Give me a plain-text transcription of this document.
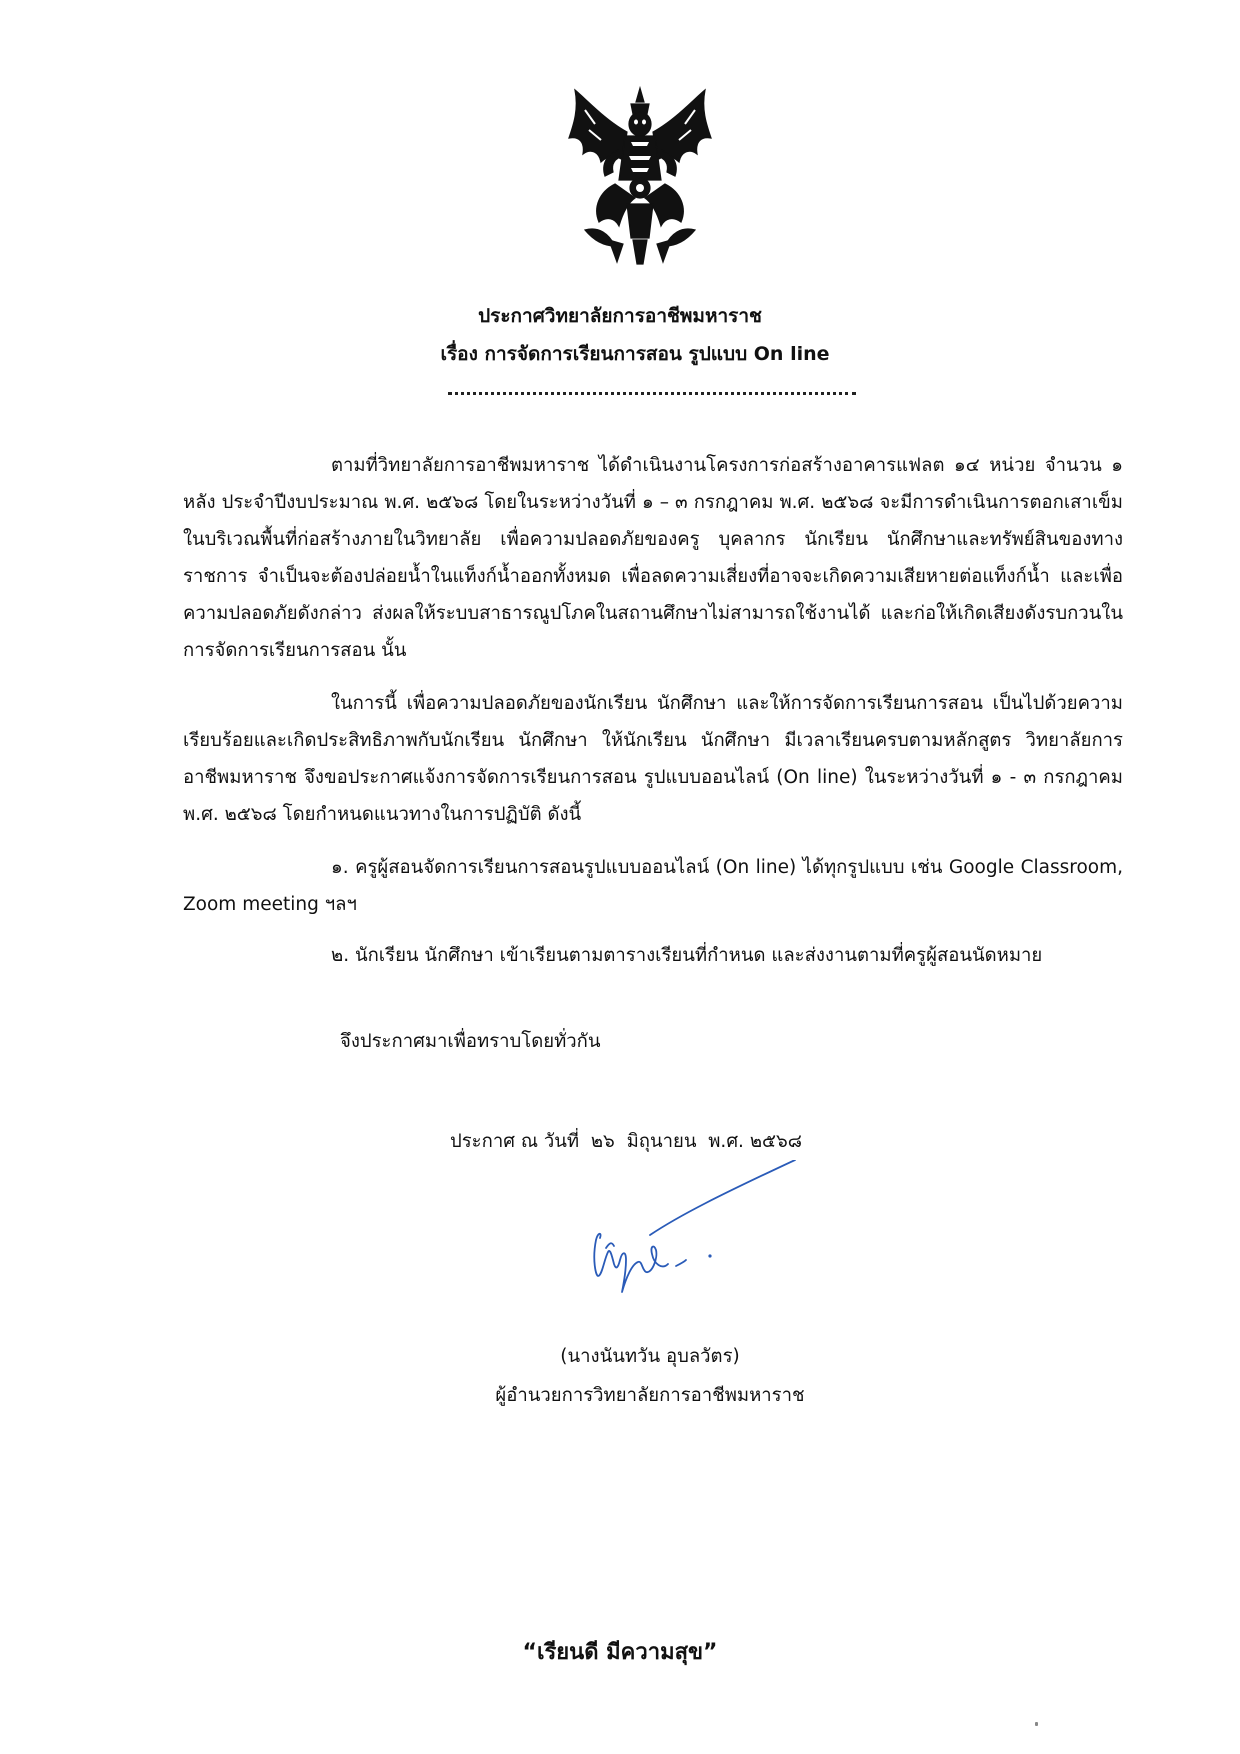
ประกาศวิทยาลัยการอาชีพมหาราช
เรื่อง การจัดการเรียนการสอน รูปแบบ On line

ตามที่วิทยาลัยการอาชีพมหาราช ได้ดำเนินงานโครงการก่อสร้างอาคารแฟลต ๑๔ หน่วย จำนวน ๑ หลัง ประจำปีงบประมาณ พ.ศ. ๒๕๖๘ โดยในระหว่างวันที่ ๑ – ๓ กรกฎาคม พ.ศ. ๒๕๖๘ จะมีการดำเนินการตอกเสาเข็มในบริเวณพื้นที่ก่อสร้างภายในวิทยาลัย เพื่อความปลอดภัยของครู บุคลากร นักเรียน นักศึกษาและทรัพย์สินของทางราชการ จำเป็นจะต้องปล่อยน้ำในแท็งก์น้ำออกทั้งหมด เพื่อลดความเสี่ยงที่อาจจะเกิดความเสียหายต่อแท็งก์น้ำ และเพื่อความปลอดภัยดังกล่าว ส่งผลให้ระบบสาธารณูปโภคในสถานศึกษาไม่สามารถใช้งานได้ และก่อให้เกิดเสียงดังรบกวนในการจัดการเรียนการสอน นั้น

ในการนี้ เพื่อความปลอดภัยของนักเรียน นักศึกษา และให้การจัดการเรียนการสอน เป็นไปด้วยความเรียบร้อยและเกิดประสิทธิภาพกับนักเรียน นักศึกษา ให้นักเรียน นักศึกษา มีเวลาเรียนครบตามหลักสูตร วิทยาลัยการอาชีพมหาราช จึงขอประกาศแจ้งการจัดการเรียนการสอน รูปแบบออนไลน์ (On line) ในระหว่างวันที่ ๑ - ๓ กรกฎาคม พ.ศ. ๒๕๖๘ โดยกำหนดแนวทางในการปฏิบัติ ดังนี้

๑. ครูผู้สอนจัดการเรียนการสอนรูปแบบออนไลน์ (On line) ได้ทุกรูปแบบ เช่น Google Classroom, Zoom meeting ฯลฯ

๒. นักเรียน นักศึกษา เข้าเรียนตามตารางเรียนที่กำหนด และส่งงานตามที่ครูผู้สอนนัดหมาย

จึงประกาศมาเพื่อทราบโดยทั่วกัน

ประกาศ ณ วันที่  ๒๖  มิถุนายน  พ.ศ. ๒๕๖๘
(นางนันทวัน อุบลวัตร)
ผู้อำนวยการวิทยาลัยการอาชีพมหาราช
“เรียนดี มีความสุข”
